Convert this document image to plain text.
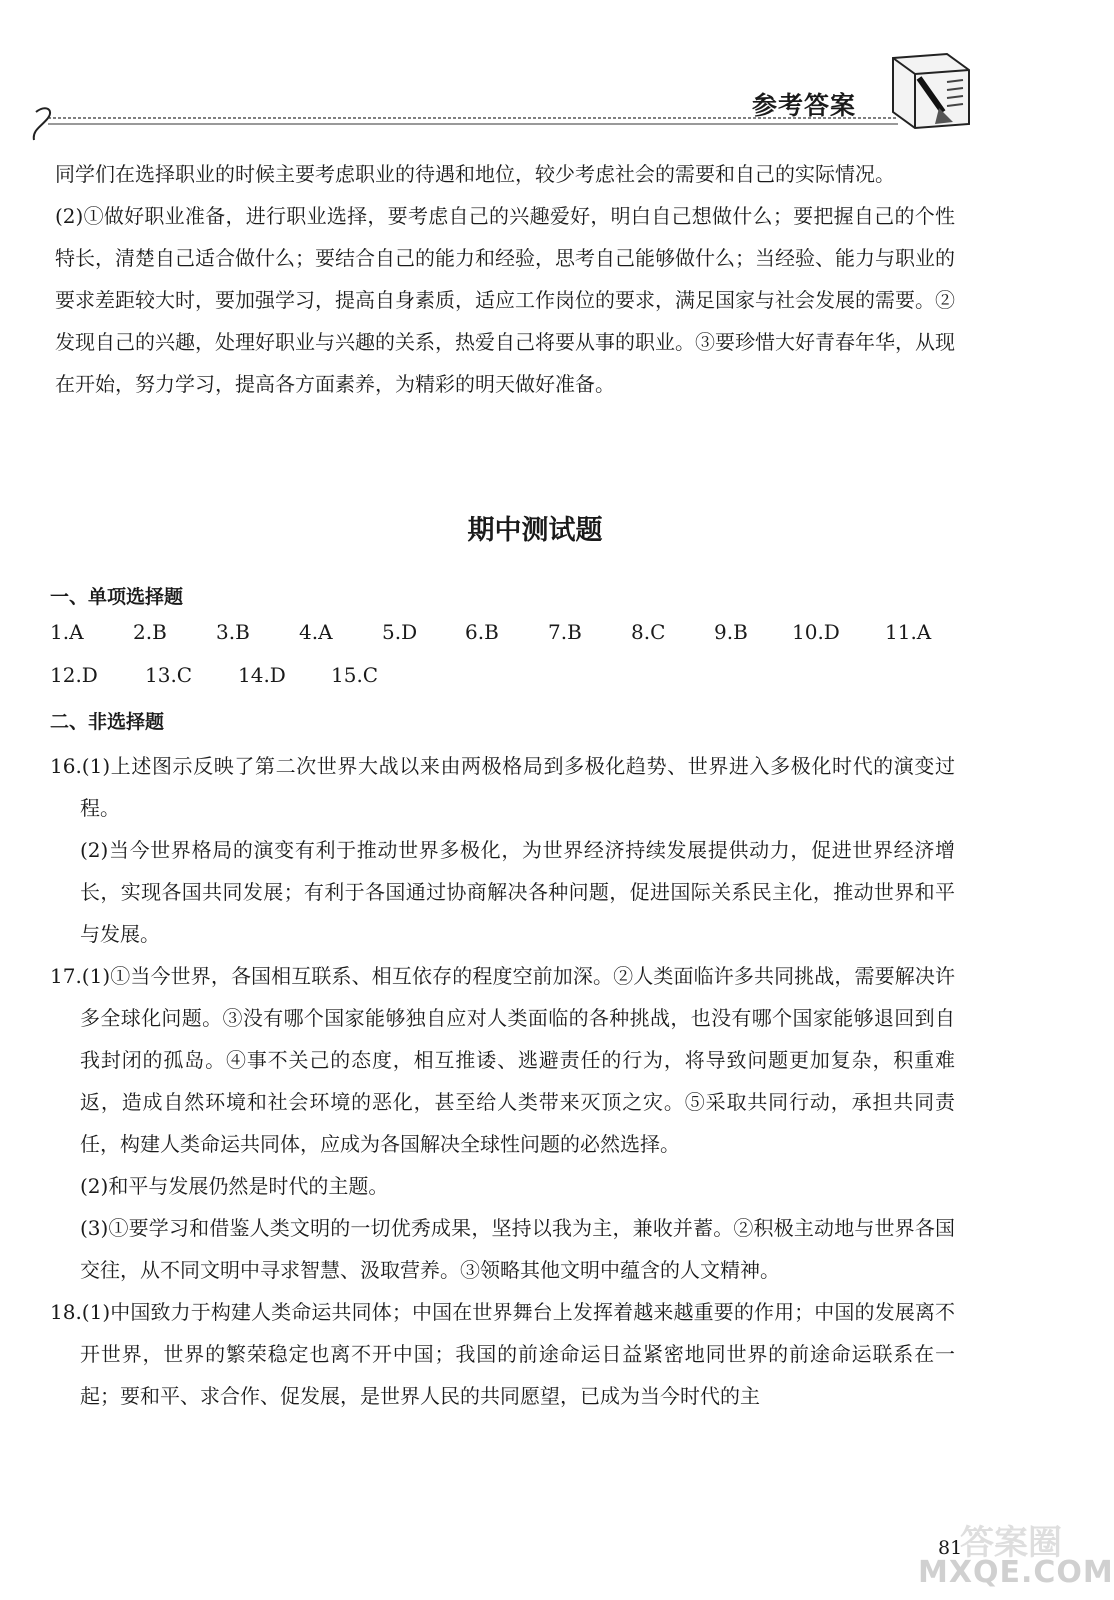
参考答案

同学们在选择职业的时候主要考虑职业的待遇和地位，较少考虑社会的需要和自己的实际情况。

(2)①做好职业准备，进行职业选择，要考虑自己的兴趣爱好，明白自己想做什么；要把握自己的个性特长，清楚自己适合做什么；要结合自己的能力和经验，思考自己能够做什么；当经验、能力与职业的要求差距较大时，要加强学习，提高自身素质，适应工作岗位的要求，满足国家与社会发展的需要。②发现自己的兴趣，处理好职业与兴趣的关系，热爱自己将要从事的职业。③要珍惜大好青春年华，从现在开始，努力学习，提高各方面素养，为精彩的明天做好准备。

期中测试题
一、单项选择题
1.A 2.B 3.B 4.A 5.D 6.B 7.B 8.C 9.B 10.D 11.A
12.D 13.C 14.D 15.C
二、非选择题

16.(1)上述图示反映了第二次世界大战以来由两极格局到多极化趋势、世界进入多极化时代的演变过程。

(2)当今世界格局的演变有利于推动世界多极化，为世界经济持续发展提供动力，促进世界经济增长，实现各国共同发展；有利于各国通过协商解决各种问题，促进国际关系民主化，推动世界和平与发展。

17.(1)①当今世界，各国相互联系、相互依存的程度空前加深。②人类面临许多共同挑战，需要解决许多全球化问题。③没有哪个国家能够独自应对人类面临的各种挑战，也没有哪个国家能够退回到自我封闭的孤岛。④事不关己的态度，相互推诿、逃避责任的行为，将导致问题更加复杂，积重难返，造成自然环境和社会环境的恶化，甚至给人类带来灭顶之灾。⑤采取共同行动，承担共同责任，构建人类命运共同体，应成为各国解决全球性问题的必然选择。

(2)和平与发展仍然是时代的主题。

(3)①要学习和借鉴人类文明的一切优秀成果，坚持以我为主，兼收并蓄。②积极主动地与世界各国交往，从不同文明中寻求智慧、汲取营养。③领略其他文明中蕴含的人文精神。

18.(1)中国致力于构建人类命运共同体；中国在世界舞台上发挥着越来越重要的作用；中国的发展离不开世界，世界的繁荣稳定也离不开中国；我国的前途命运日益紧密地同世界的前途命运联系在一起；要和平、求合作、促发展，是世界人民的共同愿望，已成为当今时代的主

答案圈
81
MXQE.COM
